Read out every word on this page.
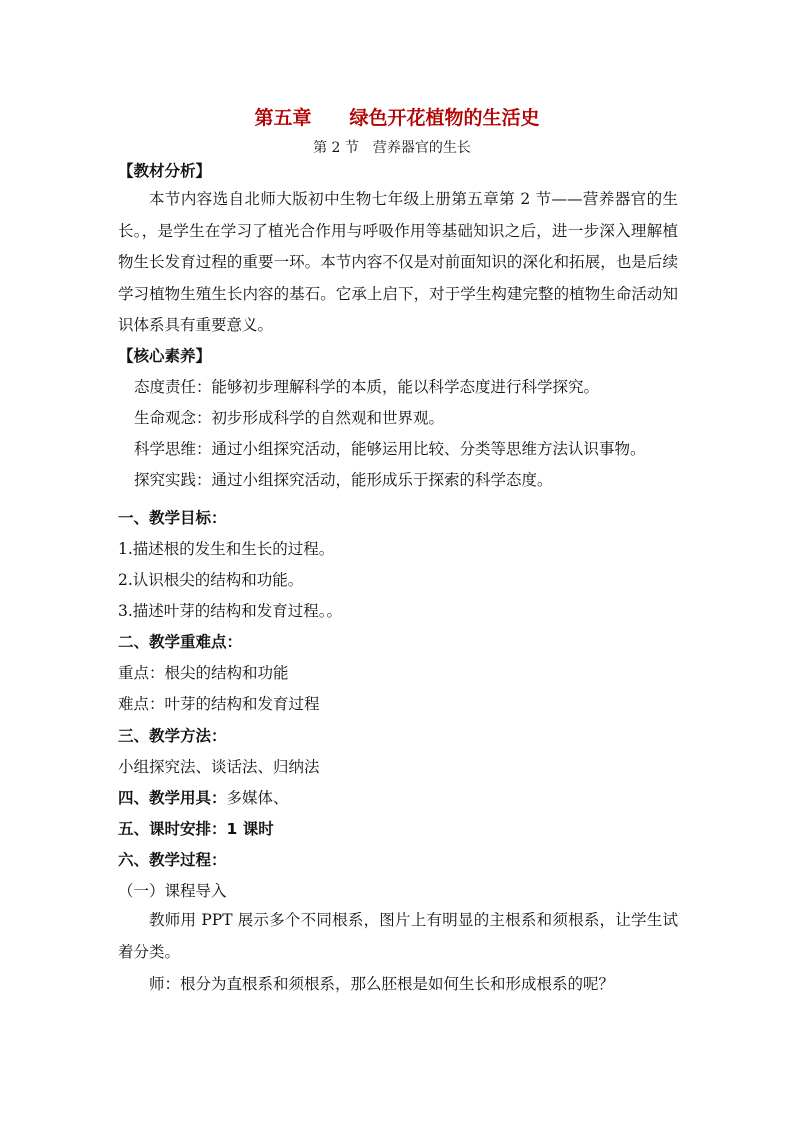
第五章　　绿色开花植物的生活史
第 2 节　营养器官的生长
【教材分析】
本节内容选自北师大版初中生物七年级上册第五章第 2 节——营养器官的生长。，是学生在学习了植光合作用与呼吸作用等基础知识之后，进一步深入理解植物生长发育过程的重要一环。本节内容不仅是对前面知识的深化和拓展，也是后续学习植物生殖生长内容的基石。它承上启下，对于学生构建完整的植物生命活动知识体系具有重要意义。
【核心素养】
态度责任：能够初步理解科学的本质，能以科学态度进行科学探究。
生命观念：初步形成科学的自然观和世界观。
科学思维：通过小组探究活动，能够运用比较、分类等思维方法认识事物。
探究实践：通过小组探究活动，能形成乐于探索的科学态度。
一、教学目标：
1.描述根的发生和生长的过程。
2.认识根尖的结构和功能。
3.描述叶芽的结构和发育过程。。
二、教学重难点：
重点：根尖的结构和功能
难点：叶芽的结构和发育过程
三、教学方法：
小组探究法、谈话法、归纳法
四、教学用具：多媒体、
五、课时安排：1 课时
六、教学过程：
（一）课程导入
教师用 PPT 展示多个不同根系，图片上有明显的主根系和须根系，让学生试着分类。
师：根分为直根系和须根系，那么胚根是如何生长和形成根系的呢？
